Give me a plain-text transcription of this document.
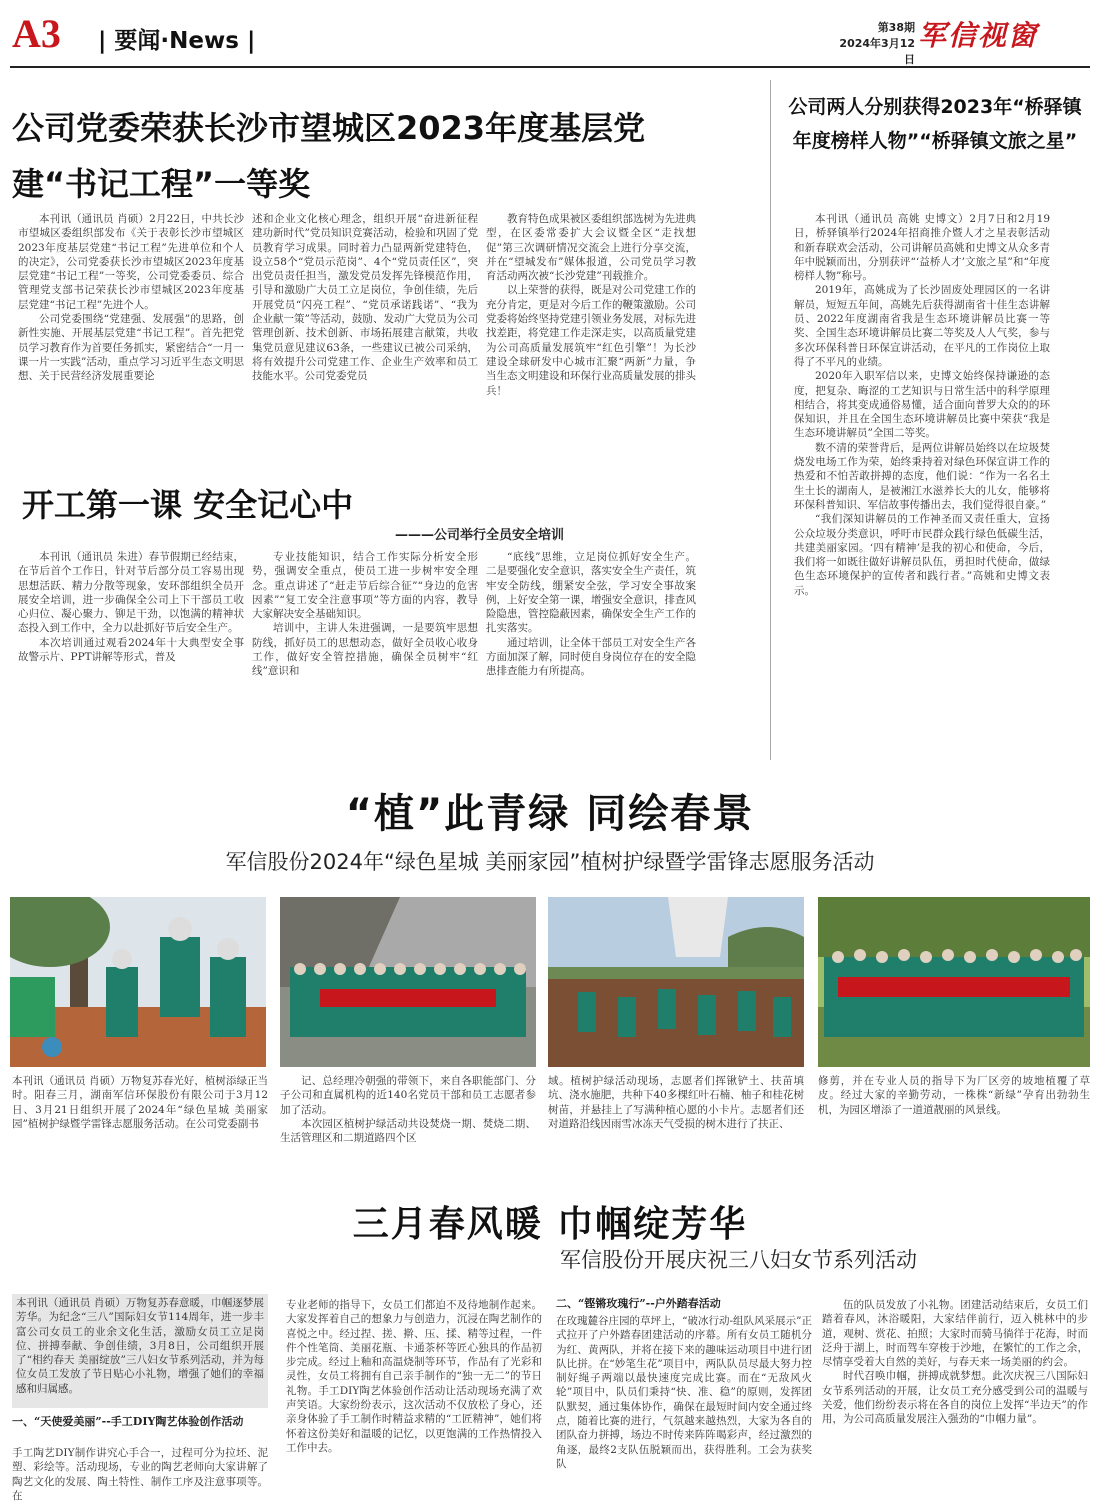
A3 | 要闻·News |
第38期
2024年3月12日
军信视窗
公司党委荣获长沙市望城区2023年度基层党建“书记工程”一等奖

本刊讯（通讯员 肖硕）2月22日，中共长沙市望城区委组织部发布《关于表彰长沙市望城区2023年度基层党建“书记工程”先进单位和个人的决定》，公司党委获长沙市望城区2023年度基层党建“书记工程”一等奖，公司党委委员、综合管理党支部书记荣获长沙市望城区2023年度基层党建“书记工程”先进个人。

公司党委围绕“党建强、发展强”的思路，创新性实施、开展基层党建“书记工程”。首先把党员学习教育作为首要任务抓实，紧密结合“一月一课一片一实践”活动，重点学习习近平生态文明思想、关于民营经济发展重要论

述和企业文化核心理念，组织开展“奋进新征程 建功新时代”党员知识竞赛活动，检验和巩固了党员教育学习成果。同时着力凸显两新党建特色，设立58个“党员示范岗”、4个“党员责任区”，突出党员责任担当，激发党员发挥先锋模范作用，引导和激励广大员工立足岗位，争创佳绩，先后开展党员“闪亮工程”、“党员承诺践诺”、“我为企业献一策”等活动，鼓励、发动广大党员为公司管理创新、技术创新、市场拓展建言献策，共收集党员意见建议63条，一些建议已被公司采纳，将有效提升公司党建工作、企业生产效率和员工技能水平。公司党委党员

教育特色成果被区委组织部选树为先进典型，在区委常委扩大会议暨全区“走找想促”第三次调研情况交流会上进行分享交流，并在“望城发布”媒体报道，公司党员学习教育活动两次被“长沙党建”刊载推介。

以上荣誉的获得，既是对公司党建工作的充分肯定，更是对今后工作的鞭策激励。公司党委将始终坚持党建引领业务发展，对标先进找差距，将党建工作走深走实，以高质量党建为公司高质量发展筑牢“红色引擎”！为长沙建设全球研发中心城市汇聚“两新”力量，争当生态文明建设和环保行业高质量发展的排头兵！

公司两人分别获得2023年“桥驿镇年度榜样人物”“桥驿镇文旅之星”

本刊讯（通讯员 高姚 史博文）2月7日和2月19日，桥驿镇举行2024年招商推介暨人才之星表彰活动和新春联欢会活动，公司讲解员高姚和史博文从众多青年中脱颖而出，分别获评“‘益桥人才’文旅之星”和“年度榜样人物”称号。

2019年，高姚成为了长沙固废处理园区的一名讲解员，短短五年间，高姚先后获得湖南省十佳生态讲解员、2022年度湖南省我是生态环境讲解员比赛一等奖、全国生态环境讲解员比赛二等奖及人人气奖，参与多次环保科普日环保宣讲活动，在平凡的工作岗位上取得了不平凡的业绩。

2020年入职军信以来，史博文始终保持谦逊的态度，把复杂、晦涩的工艺知识与日常生活中的科学原理相结合，将其变成通俗易懂，适合面向普罗大众的的环保知识，并且在全国生态环境讲解员比赛中荣获“我是生态环境讲解员”全国二等奖。

数不清的荣誉背后，是两位讲解员始终以在垃圾焚烧发电场工作为荣，始终秉持着对绿色环保宣讲工作的热爱和不怕苦敢拼搏的态度，他们说：“作为一名名土生土长的湖南人，是被湘江水滋养长大的儿女，能够将环保科普知识、军信故事传播出去，我们觉得很自豪。”

“我们深知讲解员的工作神圣而又责任重大，宣扬公众垃圾分类意识，呼吁市民群众践行绿色低碳生活，共建美丽家园。‘四有精神’是我的初心和使命，今后，我们将一如既往做好讲解员队伍，勇担时代使命，做绿色生态环境保护的宣传者和践行者。”高姚和史博文表示。

开工第一课 安全记心中
———公司举行全员安全培训

本刊讯（通讯员 朱进）春节假期已经结束，在节后首个工作日，针对节后部分员工容易出现思想活跃、精力分散等现象，安环部组织全员开展安全培训，进一步确保全公司上下干部员工收心归位、凝心聚力、铆足干劲，以饱满的精神状态投入到工作中，全力以赴抓好节后安全生产。

本次培训通过观看2024年十大典型安全事故警示片、PPT讲解等形式，普及

专业技能知识，结合工作实际分析安全形势，强调安全重点，使员工进一步树牢安全理念。重点讲述了“赶走节后综合征”“身边的危害因素”“复工安全注意事项”等方面的内容，教导大家解决安全基础知识。

培训中，主讲人朱进强调，一是要筑牢思想防线，抓好员工的思想动态，做好全员收心收身工作，做好安全管控措施，确保全员树牢“红线”意识和

“底线”思维，立足岗位抓好安全生产。二是要强化安全意识，落实安全生产责任，筑牢安全防线，绷紧安全弦，学习安全事故案例，上好安全第一课，增强安全意识，排查风险隐患，管控隐蔽因素，确保安全生产工作的扎实落实。

通过培训，让全体干部员工对安全生产各方面加深了解，同时使自身岗位存在的安全隐患排查能力有所提高。

“植”此青绿 同绘春景
军信股份2024年“绿色星城 美丽家园”植树护绿暨学雷锋志愿服务活动
本刊讯（通讯员 肖硕）万物复苏春光好，植树添绿正当时。阳春三月，湖南军信环保股份有限公司于3月12日、3月21日组织开展了2024年“绿色星城 美丽家园”植树护绿暨学雷锋志愿服务活动。在公司党委副书

记、总经理冷朝强的带领下，来自各职能部门、分子公司和直属机构的近140名党员干部和员工志愿者参加了活动。

本次园区植树护绿活动共设焚烧一期、焚烧二期、生活管理区和二期道路四个区

域。植树护绿活动现场，志愿者们挥锹铲土、扶苗填坑、浇水施肥，共种下40多棵红叶石楠、柚子和桂花树树苗，并悬挂上了写满种植心愿的小卡片。志愿者们还对道路沿线因雨雪冰冻天气受损的树木进行了扶正、
修剪，并在专业人员的指导下为厂区旁的坡地植覆了草皮。经过大家的辛勤劳动，一株株“新绿”孕育出勃勃生机，为园区增添了一道道靓丽的风景线。
三月春风暖 巾帼绽芳华
军信股份开展庆祝三八妇女节系列活动
本刊讯（通讯员 肖硕）万物复苏春意暖，巾帼逐梦展芳华。为纪念“三八”国际妇女节114周年，进一步丰富公司女员工的业余文化生活，激励女员工立足岗位、拼搏奉献、争创佳绩，3月8日，公司组织开展了“相约春天 美丽绽放”三八妇女节系列活动，并为每位女员工发放了节日贴心小礼物，增强了她们的幸福感和归属感。
一、“天使爱美丽”--手工DIY陶艺体验创作活动
手工陶艺DIY制作讲究心手合一，过程可分为拉坯、泥塑、彩绘等。活动现场，专业的陶艺老师向大家讲解了陶艺文化的发展、陶土特性、制作工序及注意事项等。在
专业老师的指导下，女员工们都迫不及待地制作起来。大家发挥着自己的想象力与创造力，沉浸在陶艺制作的喜悦之中。经过捏、搓、擀、压、揉、精等过程，一件件个性笔筒、美丽花瓶、卡通茶杯等匠心独具的作品初步完成。经过上釉和高温烧制等环节，作品有了光彩和灵性，女员工将拥有自己亲手制作的“独一无二”的节日礼物。手工DIY陶艺体验创作活动让活动现场充满了欢声笑语。大家纷纷表示，这次活动不仅放松了身心，还亲身体验了手工制作时精益求精的“工匠精神”，她们将怀着这份美好和温暖的记忆，以更饱满的工作热情投入工作中去。
二、“铿锵玫瑰行”--户外踏春活动
在玫瑰麓谷庄园的草坪上，“破冰行动-组队风采展示”正式拉开了户外踏春团建活动的序幕。所有女员工随机分为红、黄两队，并将在接下来的趣味运动项目中进行团队比拼。在“妙笔生花”项目中，两队队员尽最大努力控制好绳子两端以最快速度完成比赛。而在“无敌风火轮”项目中，队员们秉持“快、准、稳”的原则，发挥团队默契，通过集体协作，确保在最短时间内安全通过终点，随着比赛的进行，气氛越来越热烈，大家为各自的团队奋力拼搏，场边不时传来阵阵喝彩声，经过激烈的角逐，最终2支队伍脱颖而出，获得胜利。工会为获奖队

伍的队员发放了小礼物。团建活动结束后，女员工们踏着春风，沐浴暖阳，大家结伴前行，迈入桃林中的步道，观树、赏花、拍照；大家时而骑马徜徉于花海，时而泛舟于湖上，时而驾车穿梭于沙地，在繁忙的工作之余，尽情享受着大自然的美好，与春天来一场美丽的约会。

时代召唤巾帼，拼搏成就梦想。此次庆祝三八国际妇女节系列活动的开展，让女员工充分感受到公司的温暖与关爱，他们纷纷表示将在各自的岗位上发挥“半边天”的作用，为公司高质量发展注入强劲的“巾帼力量”。
